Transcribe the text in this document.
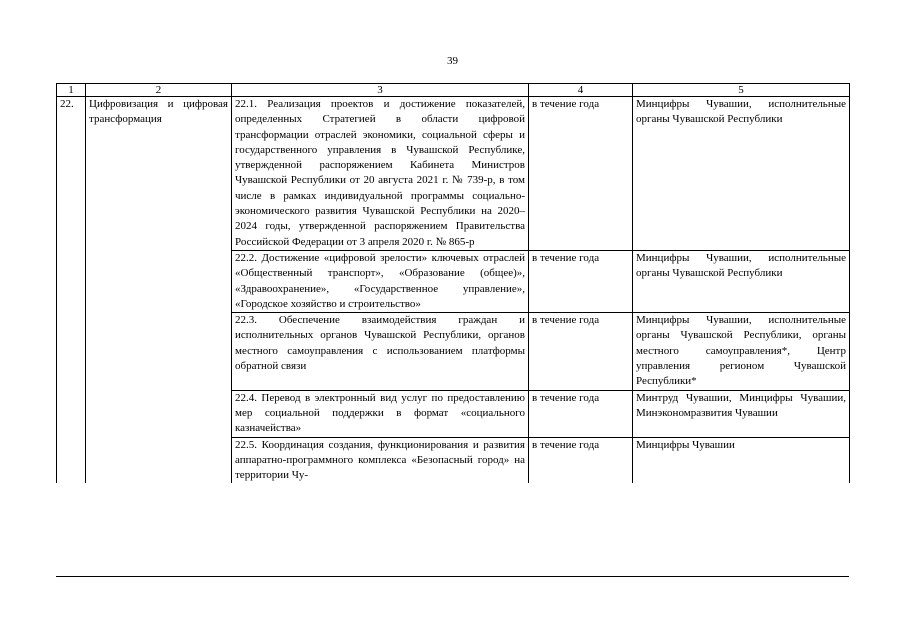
39
1	2	3	4	5
22.	Цифровизация и цифровая трансформация	22.1. Реализация проектов и достижение показателей, определенных Стратегией в области цифровой трансформации отраслей экономики, социальной сферы и государственного управления в Чувашской Республике, утвержденной распоряжением Кабинета Министров Чувашской Республики от 20 августа 2021 г. № 739-р, в том числе в рамках индивидуальной программы социально-экономического развития Чувашской Республики на 2020–2024 годы, утвержденной распоряжением Правительства Российской Федерации от 3 апреля 2020 г. № 865-р	в течение года	Минцифры Чувашии, исполнительные органы Чувашской Республики
		22.2. Достижение «цифровой зрелости» ключевых отраслей «Общественный транспорт», «Образование (общее)», «Здравоохранение», «Государственное управление», «Городское хозяйство и строительство»	в течение года	Минцифры Чувашии, исполнительные органы Чувашской Республики
		22.3. Обеспечение взаимодействия граждан и исполнительных органов Чувашской Республики, органов местного самоуправления с использованием платформы обратной связи	в течение года	Минцифры Чувашии, исполнительные органы Чувашской Республики, органы местного самоуправления*, Центр управления регионом Чувашской Республики*
		22.4. Перевод в электронный вид услуг по предоставлению мер социальной поддержки в формат «социального казначейства»	в течение года	Минтруд Чувашии, Минцифры Чувашии, Минэкономразвития Чувашии
		22.5. Координация создания, функционирования и развития аппаратно-программного комплекса «Безопасный город» на территории Чу-	в течение года	Минцифры Чувашии
